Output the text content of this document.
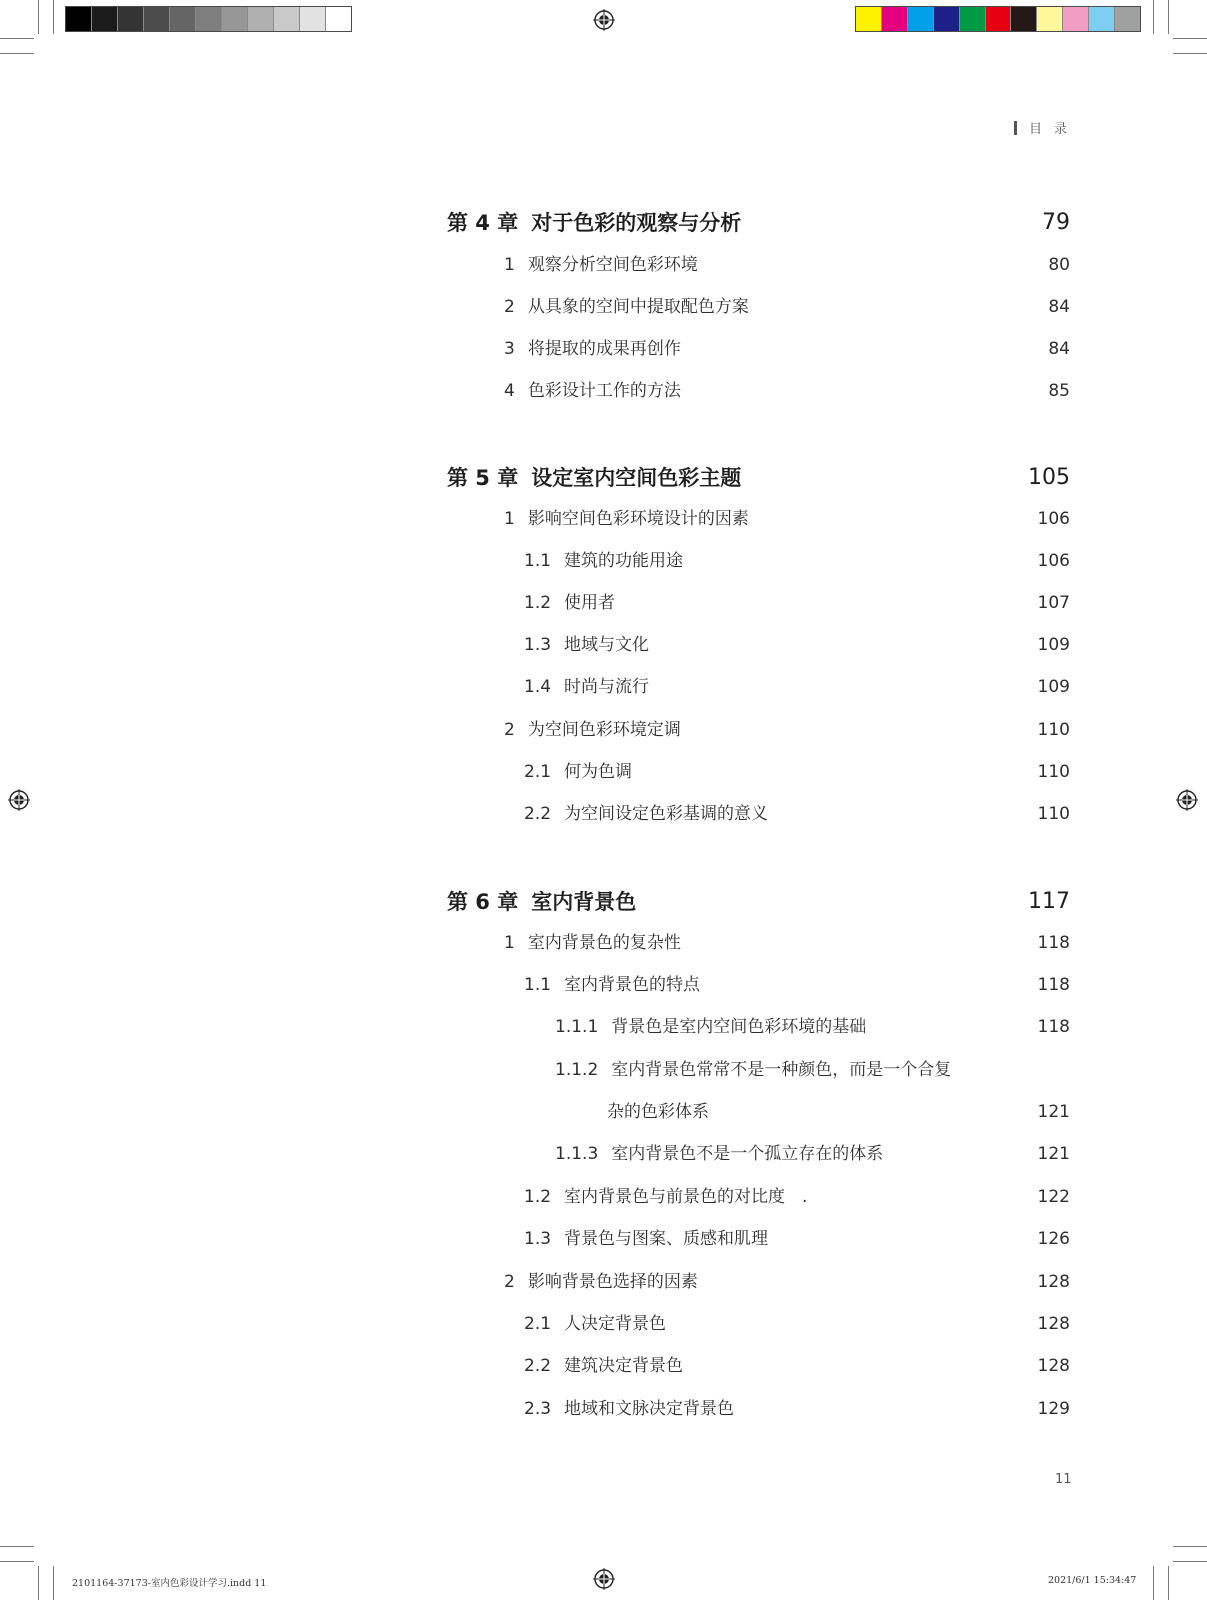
目录
第 4 章 对于色彩的观察与分析	79
1 观察分析空间色彩环境	80
2 从具象的空间中提取配色方案	84
3 将提取的成果再创作	84
4 色彩设计工作的方法	85
第 5 章 设定室内空间色彩主题	105
1 影响空间色彩环境设计的因素	106
1.1 建筑的功能用途	106
1.2 使用者	107
1.3 地域与文化	109
1.4 时尚与流行	109
2 为空间色彩环境定调	110
2.1 何为色调	110
2.2 为空间设定色彩基调的意义	110
第 6 章 室内背景色	117
1 室内背景色的复杂性	118
1.1 室内背景色的特点	118
1.1.1 背景色是室内空间色彩环境的基础	118
1.1.2 室内背景色常常不是一种颜色，而是一个合复
杂的色彩体系	121
1.1.3 室内背景色不是一个孤立存在的体系	121
1.2 室内背景色与前景色的对比度　.	122
1.3 背景色与图案、质感和肌理	126
2 影响背景色选择的因素	128
2.1 人决定背景色	128
2.2 建筑决定背景色	128
2.3 地域和文脉决定背景色	129
11
2101164-37173-室内色彩设计学习.indd 11	2021/6/1 15:34:47
